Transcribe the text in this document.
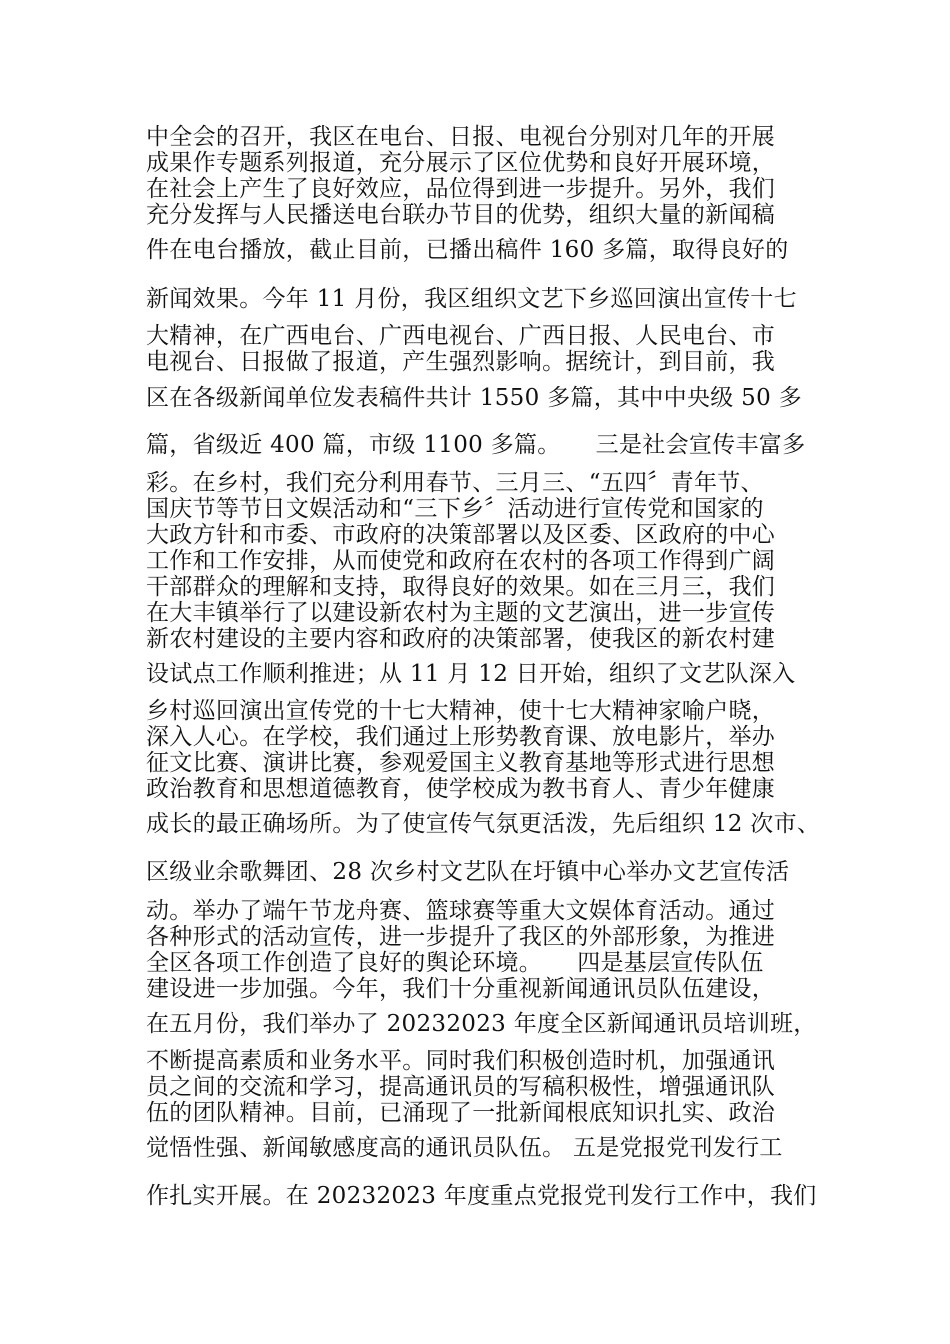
中全会的召开，我区在电台、日报、电视台分别对几年的开展
成果作专题系列报道，充分展示了区位优势和良好开展环境，
在社会上产生了良好效应，品位得到进一步提升。另外，我们
充分发挥与人民播送电台联办节目的优势，组织大量的新闻稿
件在电台播放，截止目前，已播出稿件 160 多篇，取得良好的
新闻效果。今年 11 月份，我区组织文艺下乡巡回演出宣传十七
大精神，在广西电台、广西电视台、广西日报、人民电台、市
电视台、日报做了报道，产生强烈影响。据统计，到目前，我
区在各级新闻单位发表稿件共计 1550 多篇，其中中央级 50 多
篇，省级近 400 篇，市级 1100 多篇。　　三是社会宣传丰富多
彩。在乡村，我们充分利用春节、三月三、“五四〞青年节、
国庆节等节日文娱活动和“三下乡〞活动进行宣传党和国家的
大政方针和市委、市政府的决策部署以及区委、区政府的中心
工作和工作安排，从而使党和政府在农村的各项工作得到广阔
干部群众的理解和支持，取得良好的效果。如在三月三，我们
在大丰镇举行了以建设新农村为主题的文艺演出，进一步宣传
新农村建设的主要内容和政府的决策部署，使我区的新农村建
设试点工作顺利推进；从 11 月 12 日开始，组织了文艺队深入
乡村巡回演出宣传党的十七大精神，使十七大精神家喻户晓，
深入人心。在学校，我们通过上形势教育课、放电影片，举办
征文比赛、演讲比赛，参观爱国主义教育基地等形式进行思想
政治教育和思想道德教育，使学校成为教书育人、青少年健康
成长的最正确场所。为了使宣传气氛更活泼，先后组织 12 次市、
区级业余歌舞团、28 次乡村文艺队在圩镇中心举办文艺宣传活
动。举办了端午节龙舟赛、篮球赛等重大文娱体育活动。通过
各种形式的活动宣传，进一步提升了我区的外部形象，为推进
全区各项工作创造了良好的舆论环境。　　四是基层宣传队伍
建设进一步加强。今年，我们十分重视新闻通讯员队伍建设，
在五月份，我们举办了 20232023 年度全区新闻通讯员培训班，
不断提高素质和业务水平。同时我们积极创造时机，加强通讯
员之间的交流和学习，提高通讯员的写稿积极性，增强通讯队
伍的团队精神。目前，已涌现了一批新闻根底知识扎实、政治
觉悟性强、新闻敏感度高的通讯员队伍。 五是党报党刊发行工
作扎实开展。在 20232023 年度重点党报党刊发行工作中，我们
